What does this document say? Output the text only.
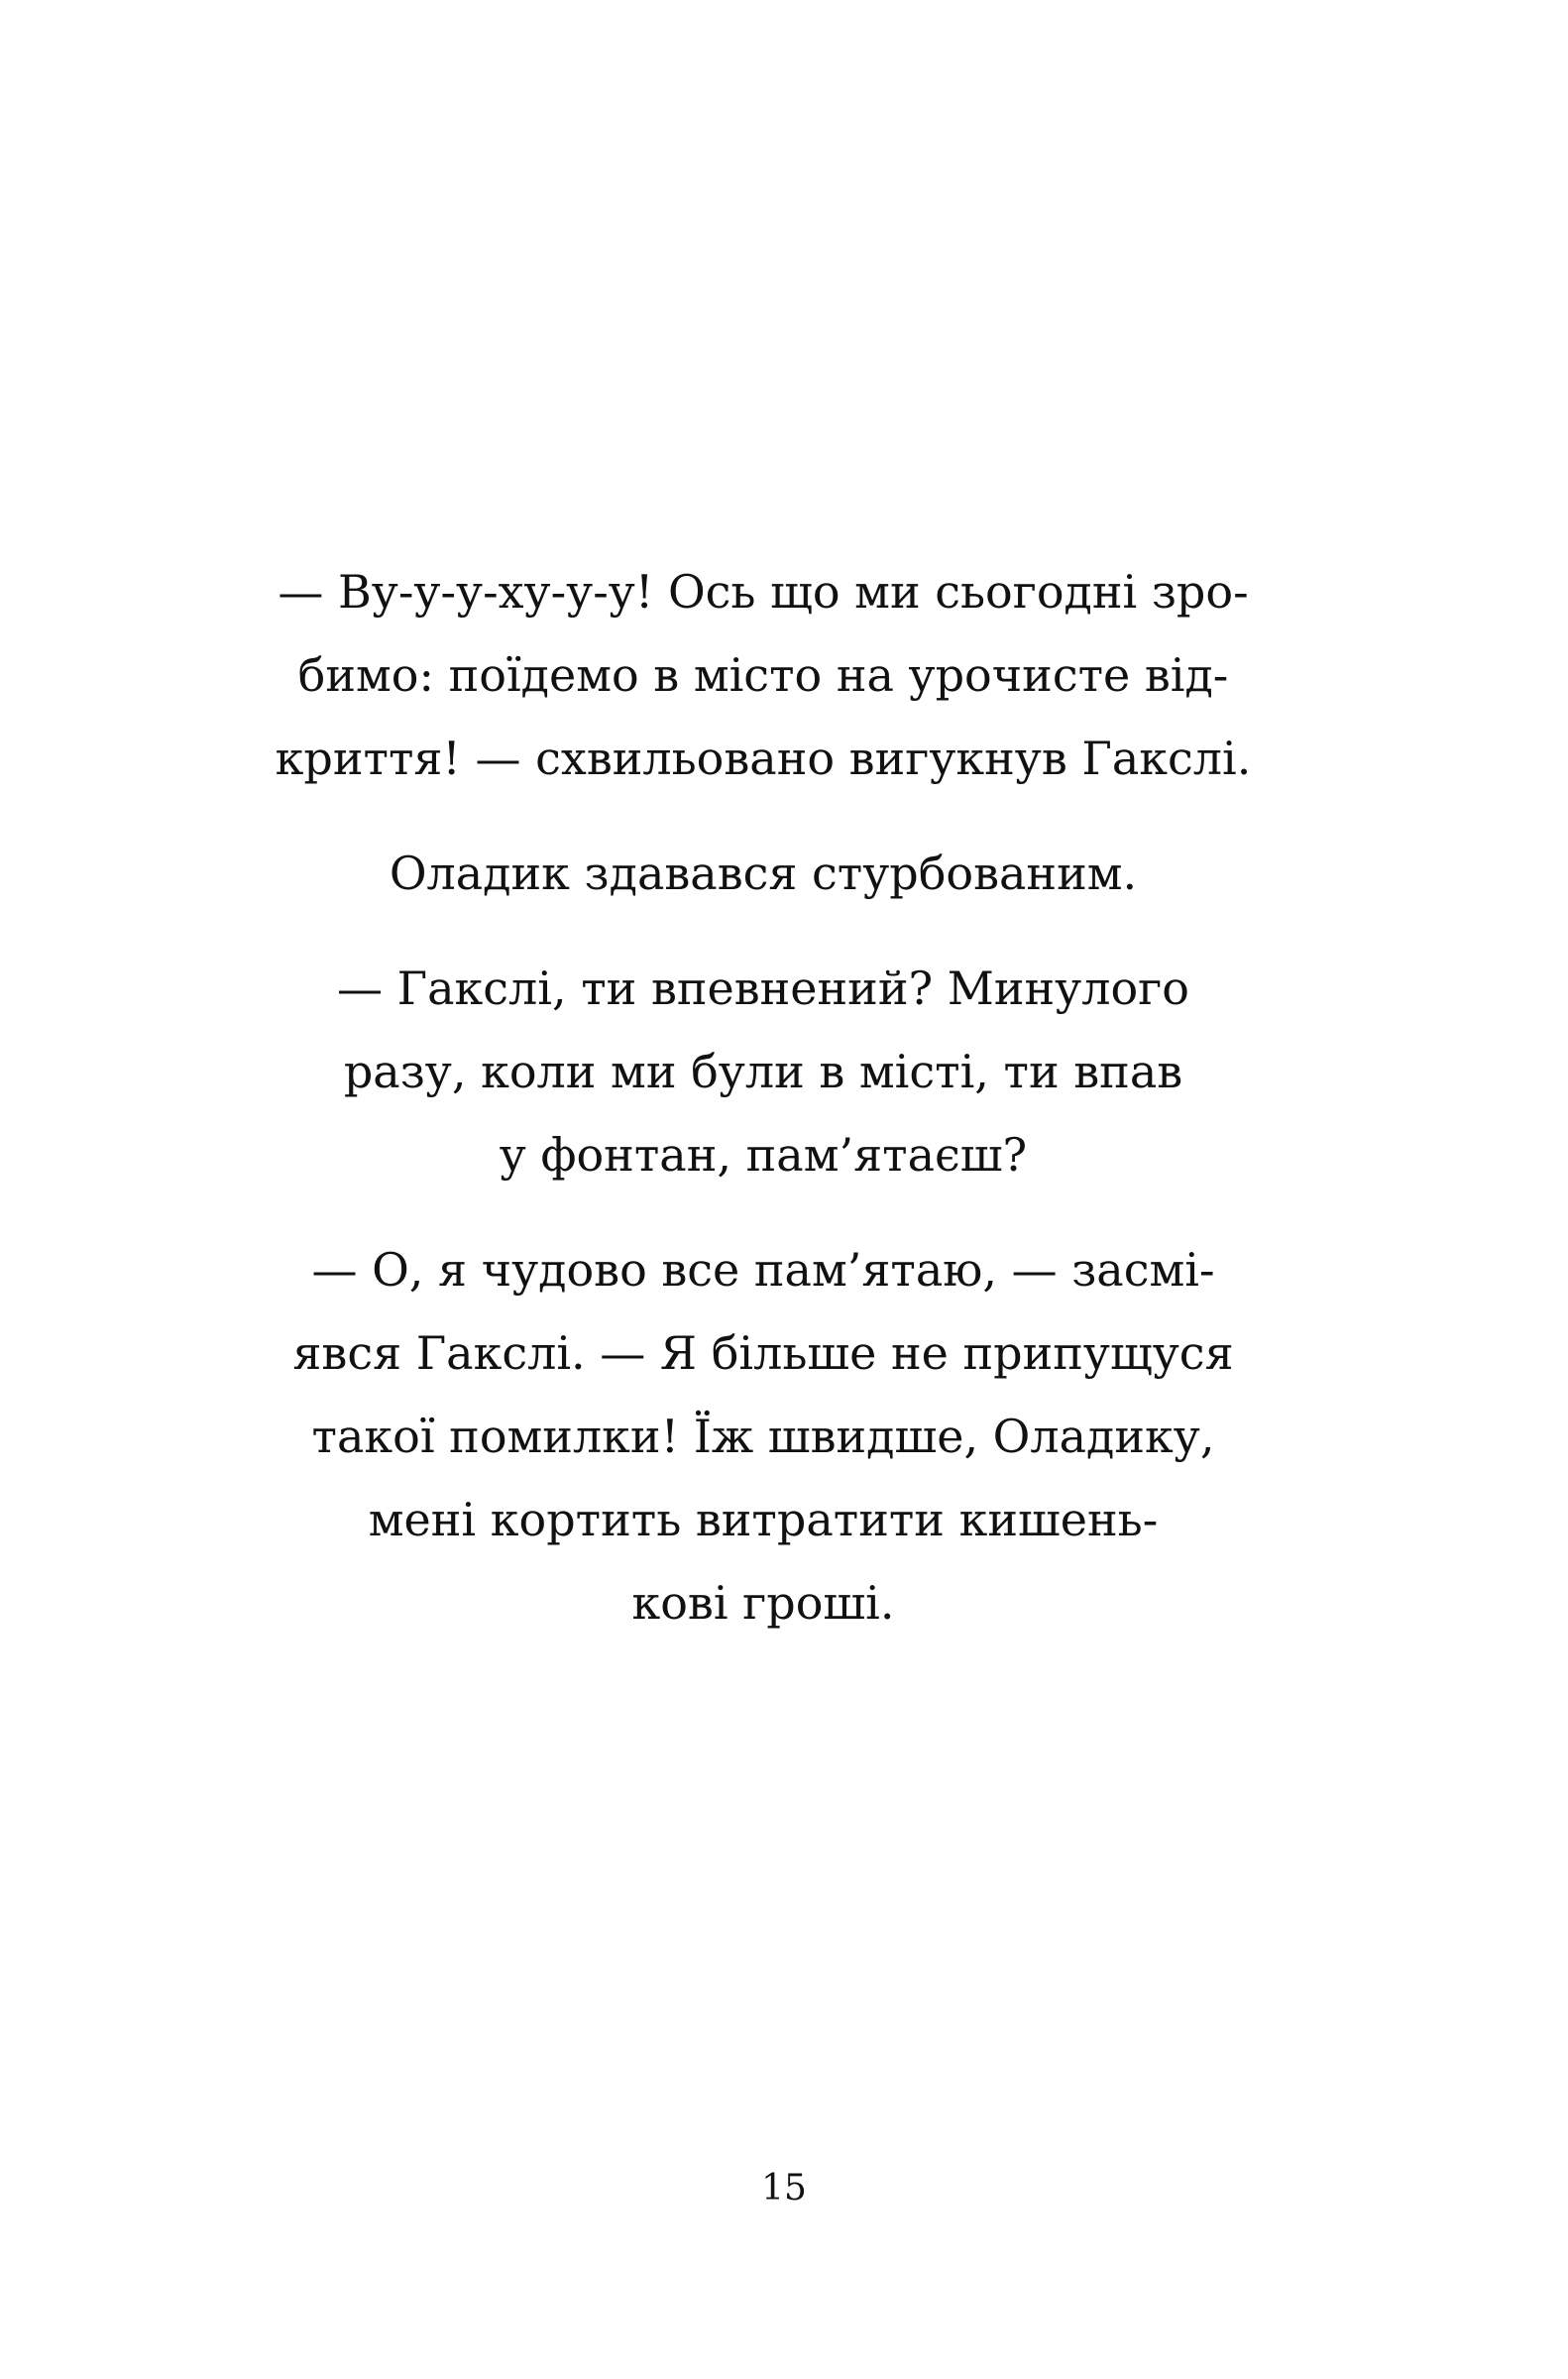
— Ву-у-у-ху-у-у! Ось що ми сьогодні зро-
бимо: поїдемо в місто на урочисте від-
криття! — схвильовано вигукнув Гакслі.

Оладик здавався стурбованим.

— Гакслі, ти впевнений? Минулого
разу, коли ми були в місті, ти впав
у фонтан, пам’ятаєш?

— О, я чудово все пам’ятаю, — засмі-
явся Гакслі. — Я більше не припущуся
такої помилки! Їж швидше, Оладику,
мені кортить витратити кишень-
кові гроші.

15
